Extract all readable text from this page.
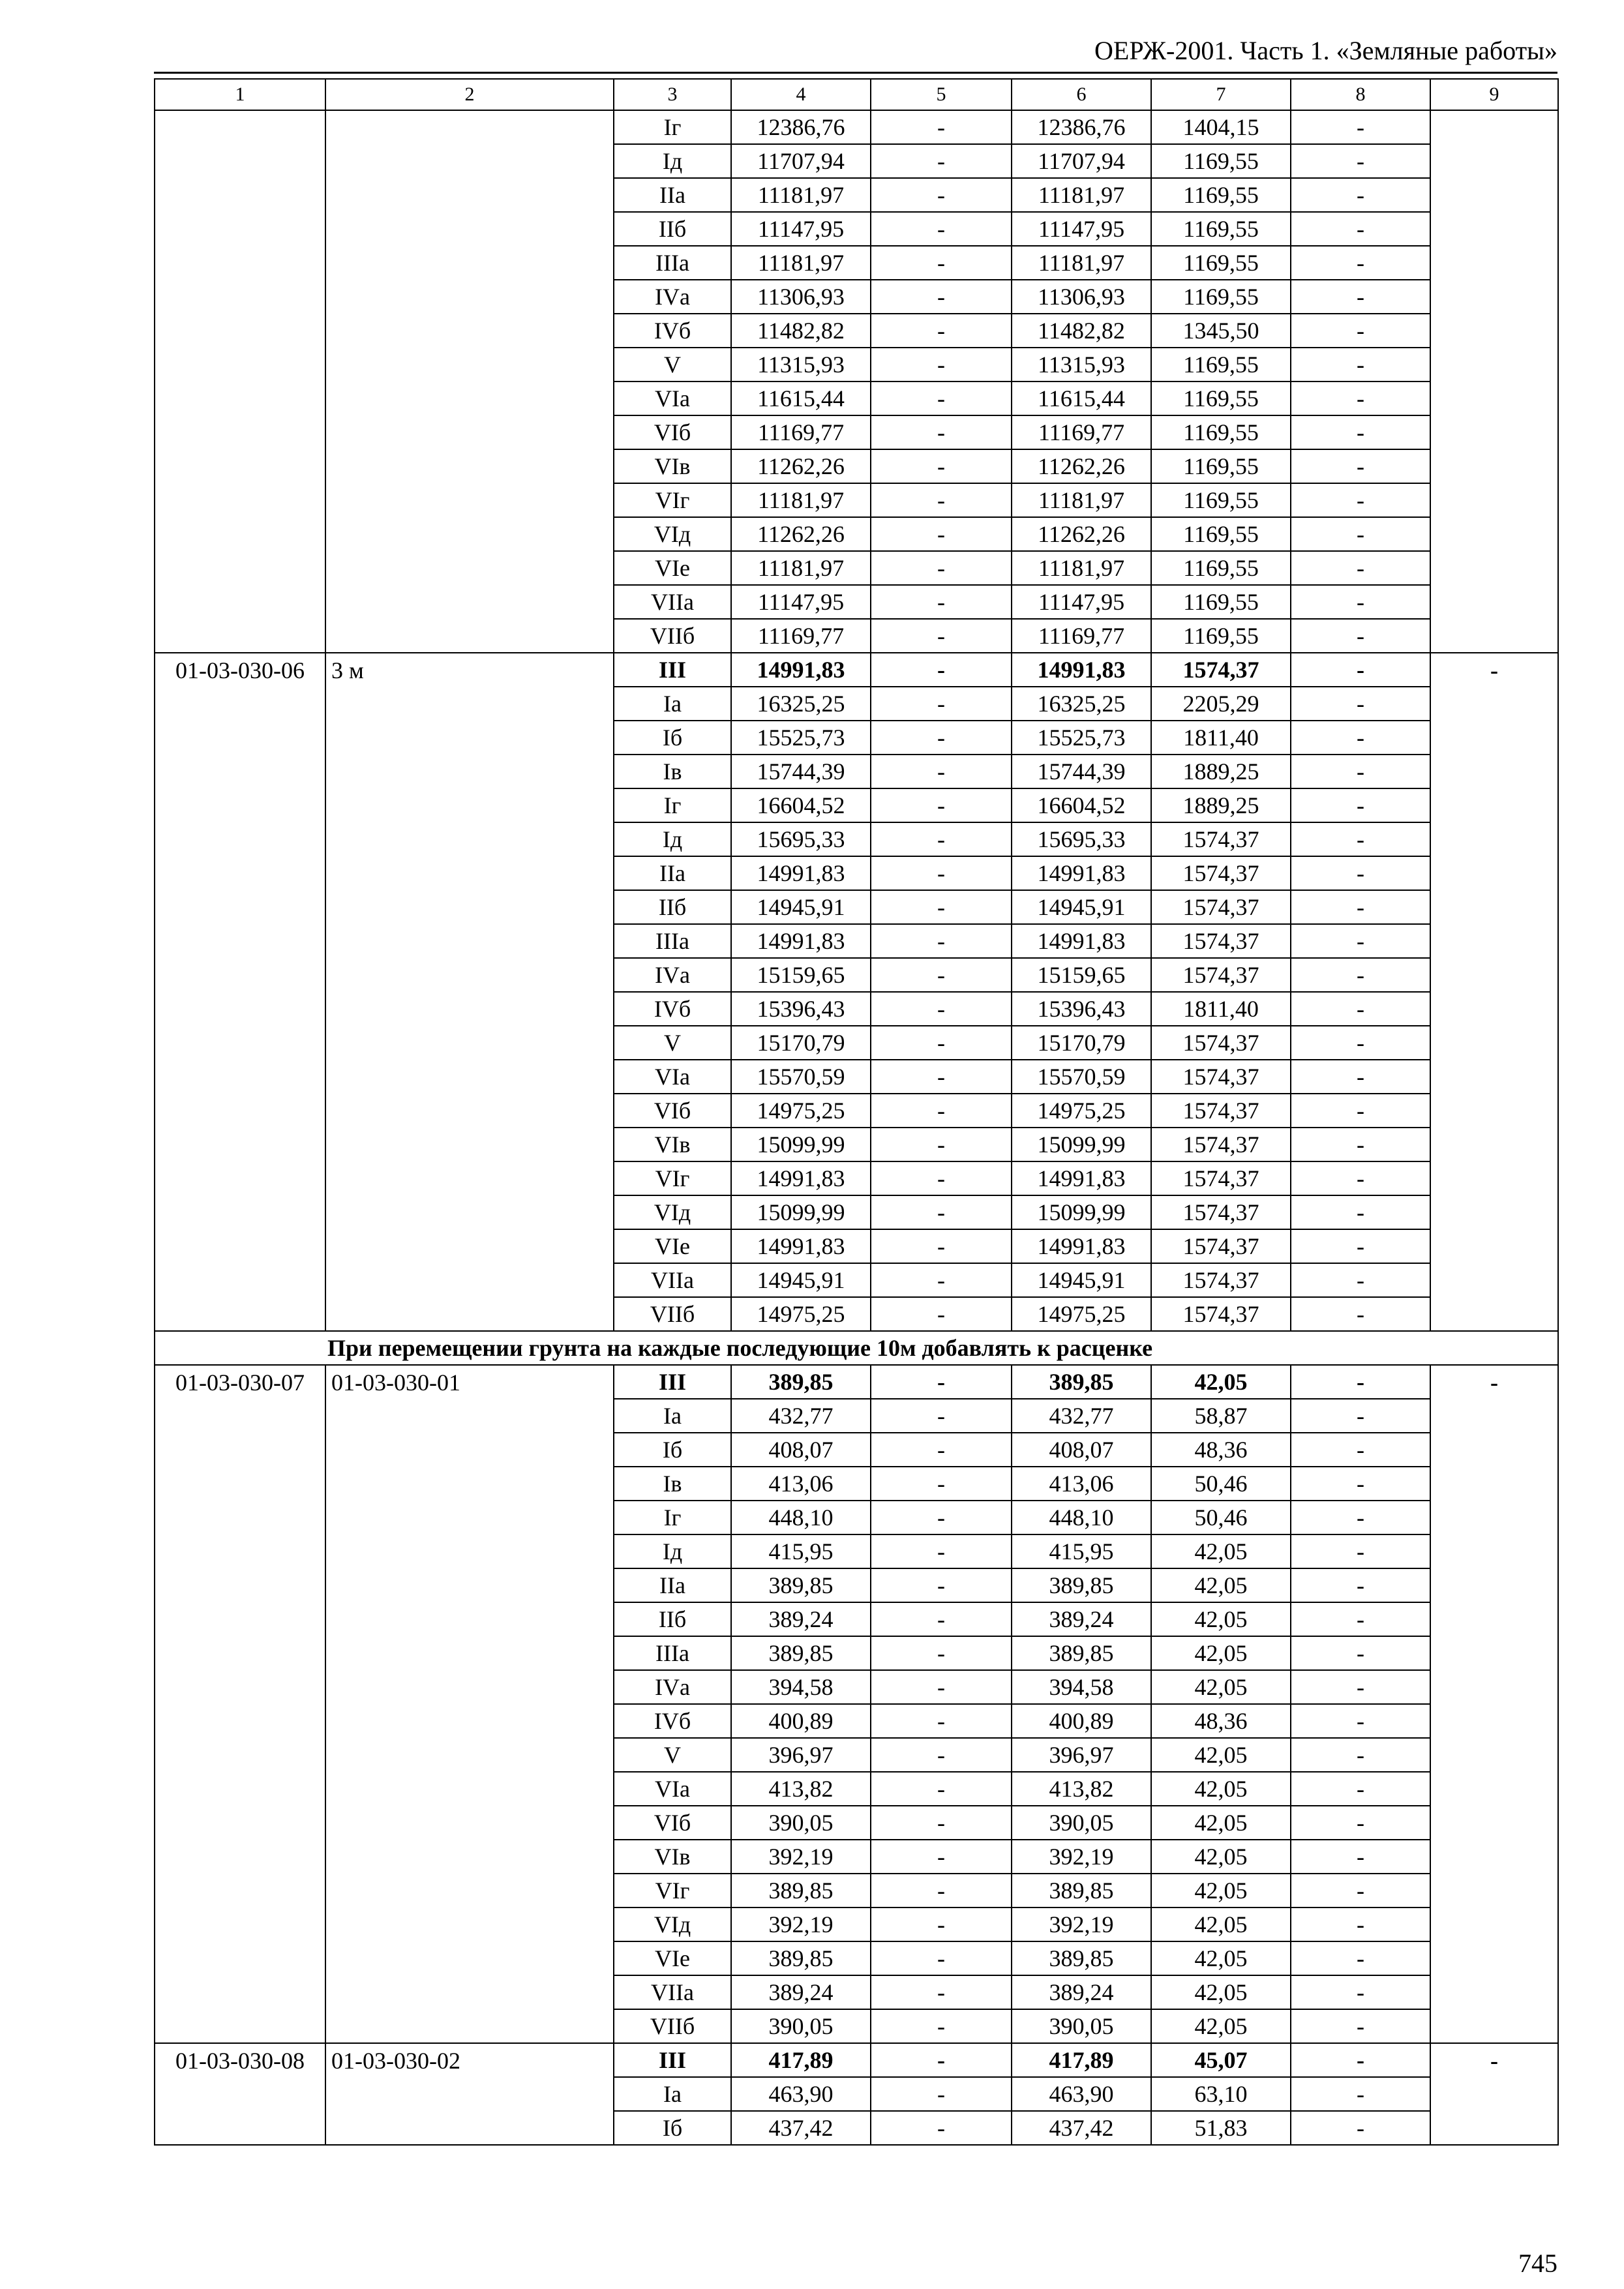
ОЕРЖ-2001. Часть 1. «Земляные работы»
1	2	3	4	5	6	7	8	9
		Iг	12386,76	-	12386,76	1404,15	-	
		Iд	11707,94	-	11707,94	1169,55	-	
		IIа	11181,97	-	11181,97	1169,55	-	
		IIб	11147,95	-	11147,95	1169,55	-	
		IIIа	11181,97	-	11181,97	1169,55	-	
		IVа	11306,93	-	11306,93	1169,55	-	
		IVб	11482,82	-	11482,82	1345,50	-	
		V	11315,93	-	11315,93	1169,55	-	
		VIа	11615,44	-	11615,44	1169,55	-	
		VIб	11169,77	-	11169,77	1169,55	-	
		VIв	11262,26	-	11262,26	1169,55	-	
		VIг	11181,97	-	11181,97	1169,55	-	
		VIд	11262,26	-	11262,26	1169,55	-	
		VIе	11181,97	-	11181,97	1169,55	-	
		VIIа	11147,95	-	11147,95	1169,55	-	
		VIIб	11169,77	-	11169,77	1169,55	-	
01-03-030-06	3 м	III	14991,83	-	14991,83	1574,37	-	-
		Iа	16325,25	-	16325,25	2205,29	-	
		Iб	15525,73	-	15525,73	1811,40	-	
		Iв	15744,39	-	15744,39	1889,25	-	
		Iг	16604,52	-	16604,52	1889,25	-	
		Iд	15695,33	-	15695,33	1574,37	-	
		IIа	14991,83	-	14991,83	1574,37	-	
		IIб	14945,91	-	14945,91	1574,37	-	
		IIIа	14991,83	-	14991,83	1574,37	-	
		IVа	15159,65	-	15159,65	1574,37	-	
		IVб	15396,43	-	15396,43	1811,40	-	
		V	15170,79	-	15170,79	1574,37	-	
		VIа	15570,59	-	15570,59	1574,37	-	
		VIб	14975,25	-	14975,25	1574,37	-	
		VIв	15099,99	-	15099,99	1574,37	-	
		VIг	14991,83	-	14991,83	1574,37	-	
		VIд	15099,99	-	15099,99	1574,37	-	
		VIе	14991,83	-	14991,83	1574,37	-	
		VIIа	14945,91	-	14945,91	1574,37	-	
		VIIб	14975,25	-	14975,25	1574,37	-	
При перемещении грунта на каждые последующие 10м добавлять к расценке								
01-03-030-07	01-03-030-01	III	389,85	-	389,85	42,05	-	-
		Iа	432,77	-	432,77	58,87	-	
		Iб	408,07	-	408,07	48,36	-	
		Iв	413,06	-	413,06	50,46	-	
		Iг	448,10	-	448,10	50,46	-	
		Iд	415,95	-	415,95	42,05	-	
		IIа	389,85	-	389,85	42,05	-	
		IIб	389,24	-	389,24	42,05	-	
		IIIа	389,85	-	389,85	42,05	-	
		IVа	394,58	-	394,58	42,05	-	
		IVб	400,89	-	400,89	48,36	-	
		V	396,97	-	396,97	42,05	-	
		VIа	413,82	-	413,82	42,05	-	
		VIб	390,05	-	390,05	42,05	-	
		VIв	392,19	-	392,19	42,05	-	
		VIг	389,85	-	389,85	42,05	-	
		VIд	392,19	-	392,19	42,05	-	
		VIе	389,85	-	389,85	42,05	-	
		VIIа	389,24	-	389,24	42,05	-	
		VIIб	390,05	-	390,05	42,05	-	
01-03-030-08	01-03-030-02	III	417,89	-	417,89	45,07	-	-
		Iа	463,90	-	463,90	63,10	-	
		Iб	437,42	-	437,42	51,83	-	
745
